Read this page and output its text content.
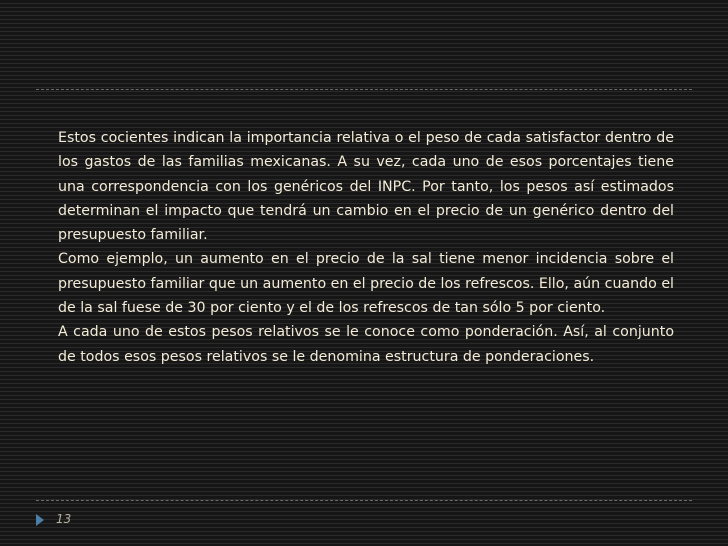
Estos cocientes indican la importancia relativa o el peso de cada satisfactor dentro de los gastos de las familias mexicanas. A su vez, cada uno de esos porcentajes tiene una correspondencia con los genéricos del INPC. Por tanto, los pesos así estimados determinan el impacto que tendrá un cambio en el precio de un genérico dentro del presupuesto familiar.

Como ejemplo, un aumento en el precio de la sal tiene menor incidencia sobre el presupuesto familiar que un aumento en el precio de los refrescos. Ello, aún cuando el de la sal fuese de 30 por ciento y el de los refrescos de tan sólo 5 por ciento.

A cada uno de estos pesos relativos se le conoce como ponderación. Así, al conjunto de todos esos pesos relativos se le denomina estructura de ponderaciones.

13
